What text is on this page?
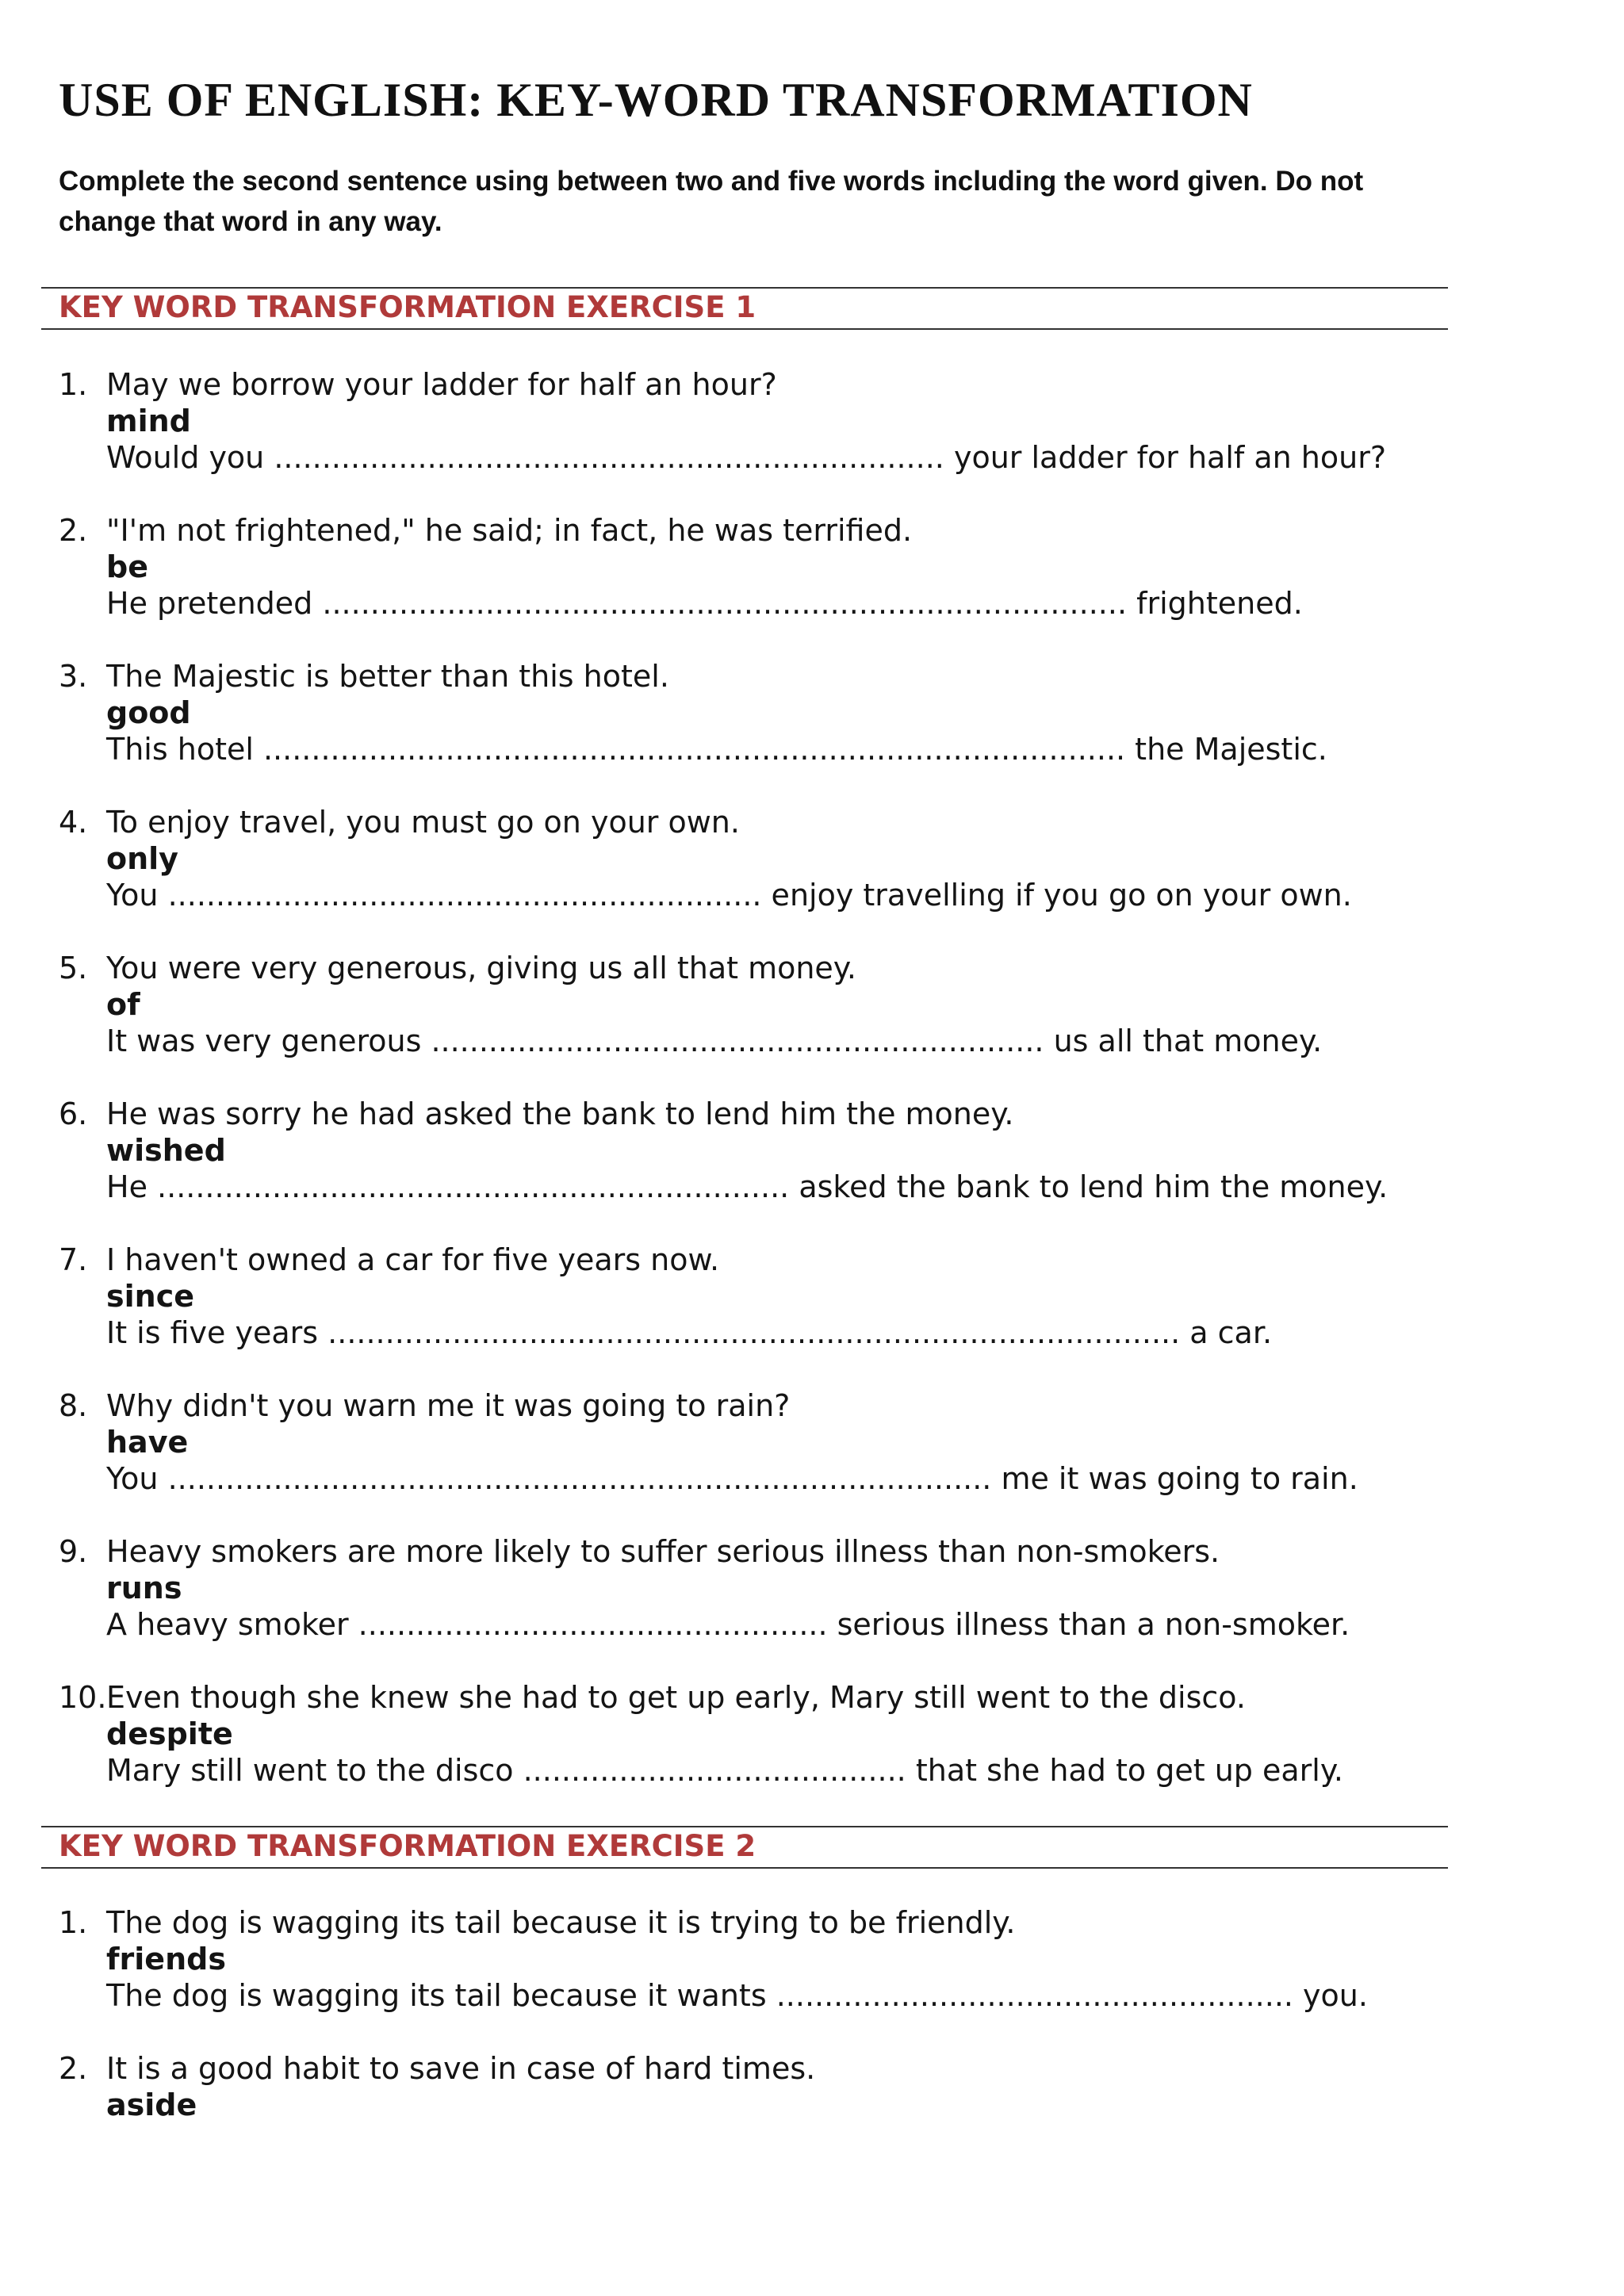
USE OF ENGLISH: KEY-WORD TRANSFORMATION

Complete the second sentence using between two and five words including the word given. Do not change that word in any way.

KEY WORD TRANSFORMATION EXERCISE 1
1. May we borrow your ladder for half an hour?
mind
Would you ...................................................................... your ladder for half an hour?
2. "I'm not frightened," he said; in fact, he was terrified.
be
He pretended .................................................................................... frightened.
3. The Majestic is better than this hotel.
good
This hotel .......................................................................................... the Majestic.
4. To enjoy travel, you must go on your own.
only
You .............................................................. enjoy travelling if you go on your own.
5. You were very generous, giving us all that money.
of
It was very generous ................................................................ us all that money.
6. He was sorry he had asked the bank to lend him the money.
wished
He .................................................................. asked the bank to lend him the money.
7. I haven't owned a car for five years now.
since
It is five years ......................................................................................... a car.
8. Why didn't you warn me it was going to rain?
have
You ...................................................................................... me it was going to rain.
9. Heavy smokers are more likely to suffer serious illness than non-smokers.
runs
A heavy smoker ................................................. serious illness than a non-smoker.
10. Even though she knew she had to get up early, Mary still went to the disco.
despite
Mary still went to the disco ........................................ that she had to get up early.
KEY WORD TRANSFORMATION EXERCISE 2
1. The dog is wagging its tail because it is trying to be friendly.
friends
The dog is wagging its tail because it wants ...................................................... you.
2. It is a good habit to save in case of hard times.
aside
